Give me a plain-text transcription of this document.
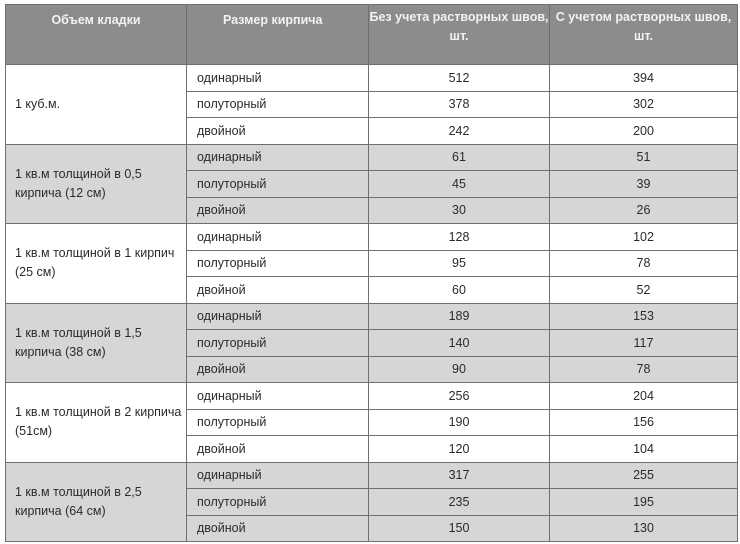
Объем кладки	Размер кирпича	Без учета растворных швов, шт.	С учетом растворных швов, шт.
1 куб.м.	одинарный	512	394
	полуторный	378	302
	двойной	242	200
1 кв.м толщиной в 0,5 кирпича (12 см)	одинарный	61	51
	полуторный	45	39
	двойной	30	26
1 кв.м толщиной в 1 кирпич (25 см)	одинарный	128	102
	полуторный	95	78
	двойной	60	52
1 кв.м толщиной в 1,5 кирпича (38 см)	одинарный	189	153
	полуторный	140	117
	двойной	90	78
1 кв.м толщиной в 2 кирпича (51см)	одинарный	256	204
	полуторный	190	156
	двойной	120	104
1 кв.м толщиной в 2,5 кирпича (64 см)	одинарный	317	255
	полуторный	235	195
	двойной	150	130
